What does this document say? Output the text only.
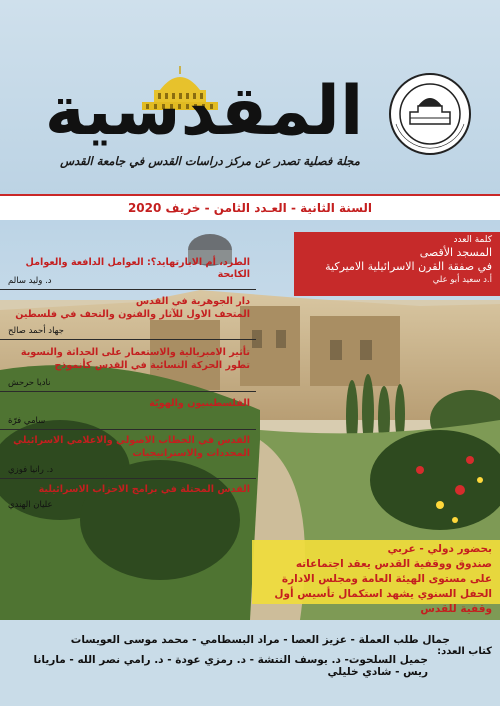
المقدسية
مجلة فصلية تصدر عن مركز دراسات القدس في جامعة القدس
السنة الثانية - العـدد الثامن - خريف 2020
كلمة العدد
المسجد الأقصى
في صفقة القرن الاسرائيلية الاميركية
أ.د سعيد أبو علي
الطرد، أم الابارتهايد؟: العوامل الدافعة والعوامل الكابحة
د. وليد سالم
دار الجوهرية في القدس
المتحف الاول للآثار والفنون والتحف في فلسطين
جهاد أحمد صالح
تأثير الامبريالية والاستعمار على الحداثة والنسوية
تطور الحركة النسائية في القدس كأنموذج
ناديا حرحش
الفلسطينيون والهويّة
سامي فرّة
القدس في الخطاب الاصولي والاعلامي الاسرائيلي
المحددات والاستراتيجيات
د. رانيا فوزي
القدس المحتلة في برامج الاحزاب الاسرائيلية
عليان الهندي
بحضور دولي - عربي
صندوق ووقفية القدس يعقد اجتماعاته
على مستوى الهيئة العامة ومجلس الادارة
الحفل السنوي يشهد استكمال تأسيس أول وقفية للقدس
كتاب العدد:
جمال طلب العملة - عزيز العصا - مراد البسطامي - محمد موسى العويسات
جميل السلحوت- د. يوسف النتشة - د. رمزي عودة - د. رامي نصر الله - ماريانا ريس - شادي خليلي
